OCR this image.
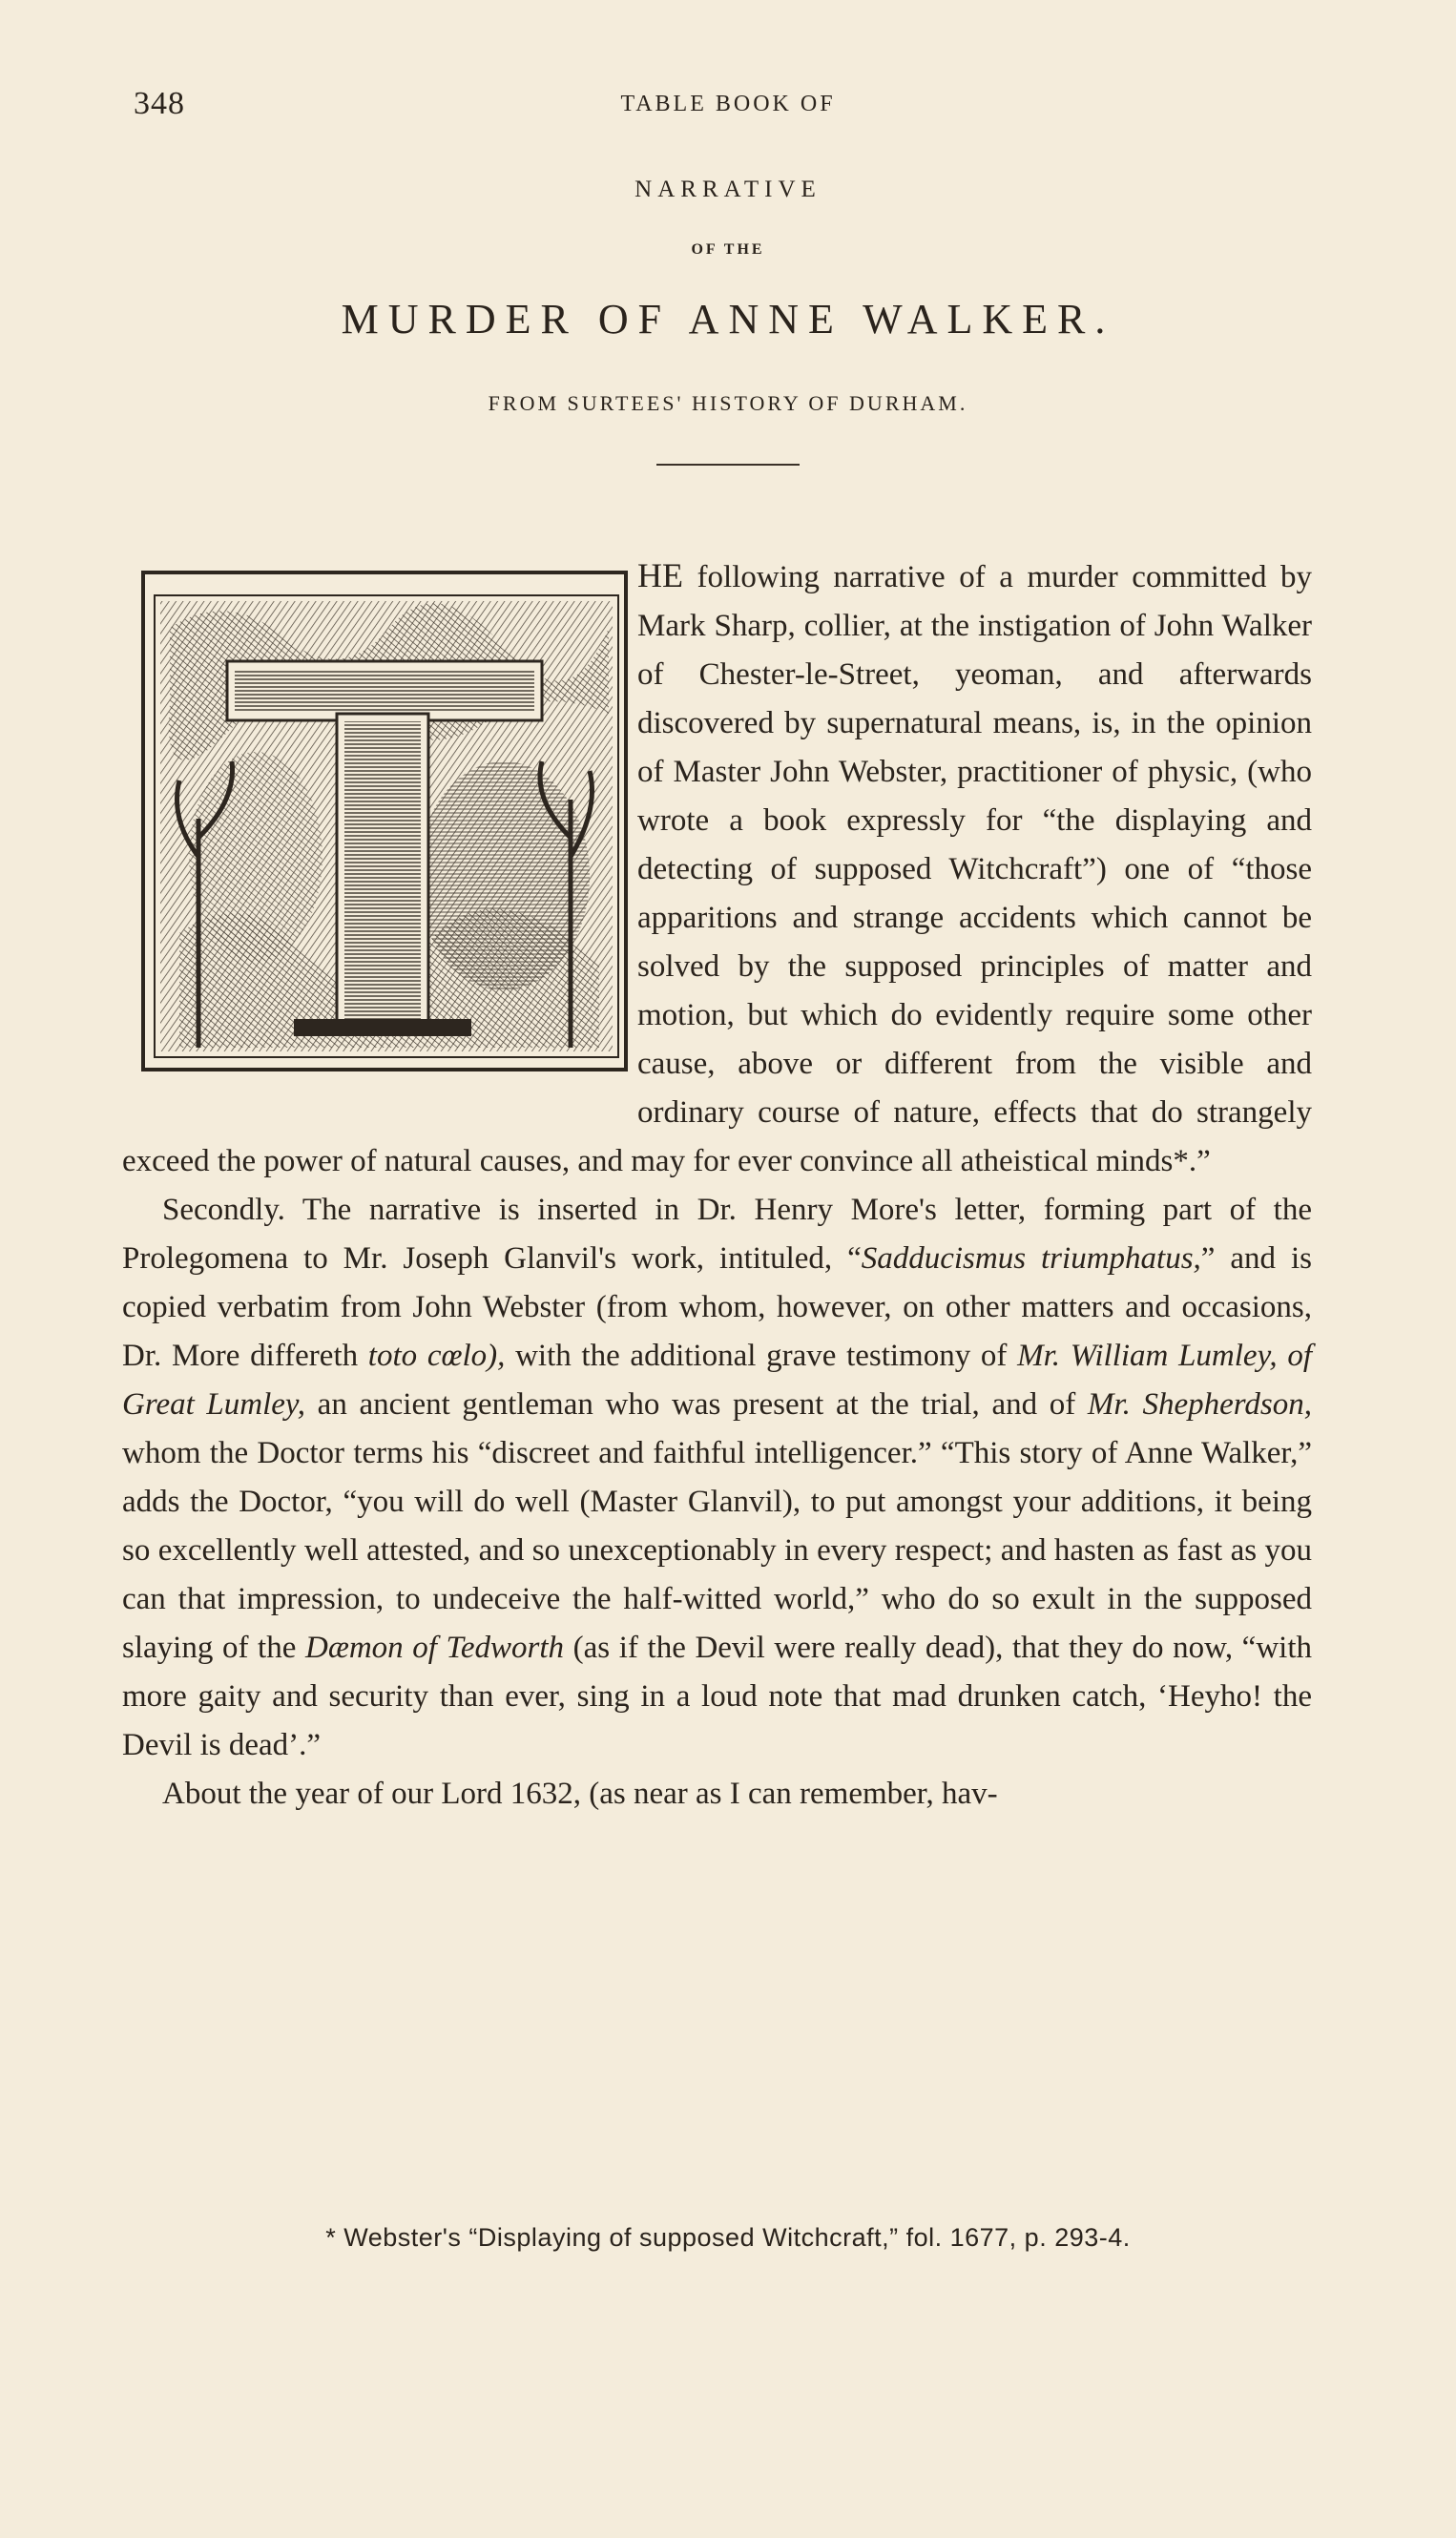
348	TABLE BOOK OF
NARRATIVE
OF THE
MURDER OF ANNE WALKER.
FROM SURTEES' HISTORY OF DURHAM.

HE following narrative of a murder committed by Mark Sharp, collier, at the instigation of John Walker of Chester-le-Street, yeoman, and afterwards discovered by supernatural means, is, in the opinion of Master John Webster, practitioner of physic, (who wrote a book expressly for “the displaying and detecting of supposed Witchcraft”) one of “those apparitions and strange accidents which cannot be solved by the supposed principles of matter and motion, but which do evidently require some other cause, above or different from the visible and ordinary course of nature, effects that do strangely exceed the power of natural causes, and may for ever convince all atheistical minds*.”

Secondly. The narrative is inserted in Dr. Henry More's letter, forming part of the Prolegomena to Mr. Joseph Glanvil's work, intituled, “Sadducismus triumphatus,” and is copied verbatim from John Webster (from whom, however, on other matters and occasions, Dr. More differeth toto cœlo), with the additional grave testimony of Mr. William Lumley, of Great Lumley, an ancient gentleman who was present at the trial, and of Mr. Shepherdson, whom the Doctor terms his “discreet and faithful intelligencer.” “This story of Anne Walker,” adds the Doctor, “you will do well (Master Glanvil), to put amongst your additions, it being so excellently well attested, and so unexceptionably in every respect; and hasten as fast as you can that impression, to undeceive the half-witted world,” who do so exult in the supposed slaying of the Dæmon of Tedworth (as if the Devil were really dead), that they do now, “with more gaity and security than ever, sing in a loud note that mad drunken catch, ‘Heyho! the Devil is dead’.”

About the year of our Lord 1632, (as near as I can remember, hav-

* Webster's “Displaying of supposed Witchcraft,” fol. 1677, p. 293-4.
